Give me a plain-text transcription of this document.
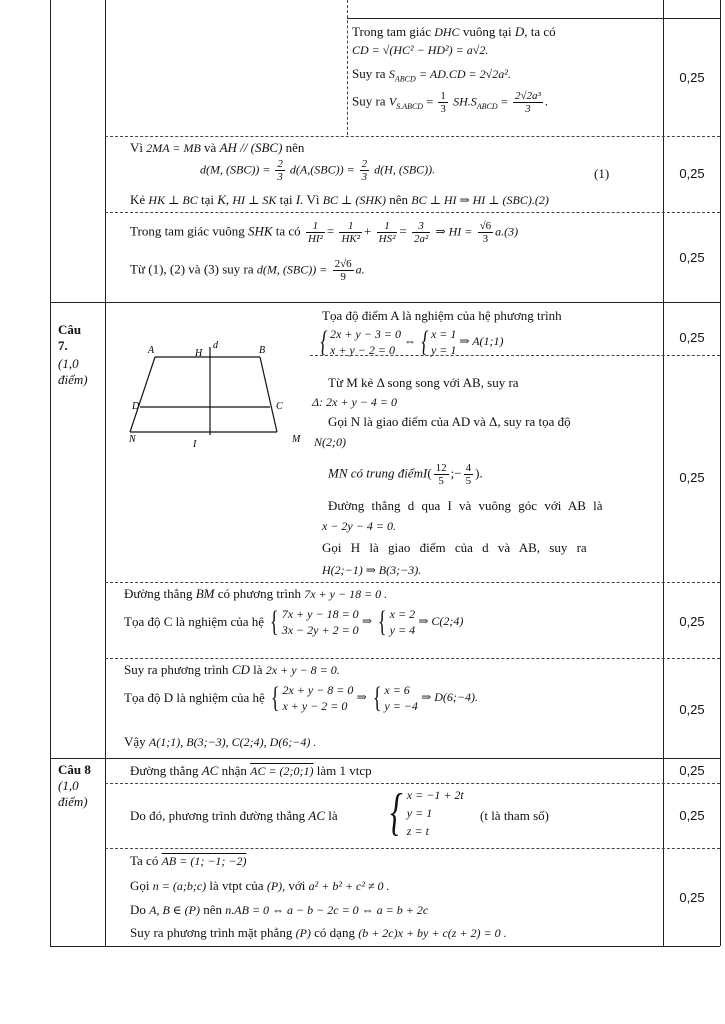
Trong tam giác DHC vuông tại D, ta có
CD = √(HC² − HD²) = a√2.
Suy ra $S_{ABCD} = AD.CD = 2√2a^2$.
Suy ra $V_{S.ABCD} = \frac{1}{3} SH.S_{ABCD} = \frac{\text{2√2a³}}{3}$ .
0,25
Vì 2MA = MB và AH // (SBC) nên
d(M, $(SBC)) = \frac{2}{3} d(A,(SBC)) = \frac{2}{3} d(H$, (SBC)).	(1)
Kẻ HK ⊥ BC tại K, HI ⊥ SK tại I. Vì BC ⊥ (SHK) nên BC ⊥ HI ⇒ HI ⊥ (SBC).(2)
0,25
Trong tam giác vuông SHK ta có $\frac{1}{\text{HI²}} = \frac{1}{\text{HK²}} + \frac{1}{\text{HS²}} = \frac{3}{\text{2a²}}$ ⇒ HI = $\frac{√6}{3} a.(3)$
Từ (1), (2) và (3) suy ra d(M, $(SBC)) = \frac{2√6}{9} a$.
0,25
Câu
7.
(1,0
điểm)
A	H
d	B
D	C
N	I	M
Tọa độ điểm A là nghiệm của hệ phương trình
{ 2x + y − 3 = 0
x + y − 2 = 0 ⇔ { x = 1
y = 1 ⇒ A(1;1)	0,25
Từ M kẻ Δ song song với AB, suy ra
Δ: 2x + y − 4 = 0
Gọi N là giao điểm của AD và Δ, suy ra tọa độ
N(2;0)
MN có trung điểmI( $\frac{12}{5}$ ;− $\frac{4}{5}$ ).
Đường thẳng d qua I và vuông góc với AB là
x − 2y − 4 = 0.
Gọi H là giao điểm của d và AB, suy ra
H(2;−1) ⇒ B(3;−3).
0,25
Đường thẳng BM có phương trình 7x + y − 18 = 0 .
Tọa độ C là nghiệm của hệ { 7x + y − 18 = 0
3x − 2y + 2 = 0 ⇒ { x = 2
y = 4 ⇒ C(2;4)	0,25
Suy ra phương trình CD là 2x + y − 8 = 0.
Tọa độ D là nghiệm của hệ { 2x + y − 8 = 0
x + y − 2 = 0 ⇒ { x = 6
y = −4 ⇒ D(6;−4).
Vậy A(1;1), B(3;−3), C(2;4), D(6;−4) .
0,25
Câu 8
(1,0
điểm)
Đường thẳng AC nhận AC = (2;0;1) làm 1 vtcp	0,25
Do đó, phương trình đường thẳng AC là { x = −1 + 2t
y = 1
z = t
(t là tham số)	0,25
Ta có AB = (1; −1; −2)
Gọi n = (a;b;c) là vtpt của (P), với a² + b² + c² ≠ 0 .
Do A, B ∈ (P) nên n.AB = 0 ⇔ a − b − 2c = 0 ⇔ a = b + 2c
Suy ra phương trình mặt phẳng (P) có dạng (b + 2c)x + by + c(z + 2) = 0 .
0,25
